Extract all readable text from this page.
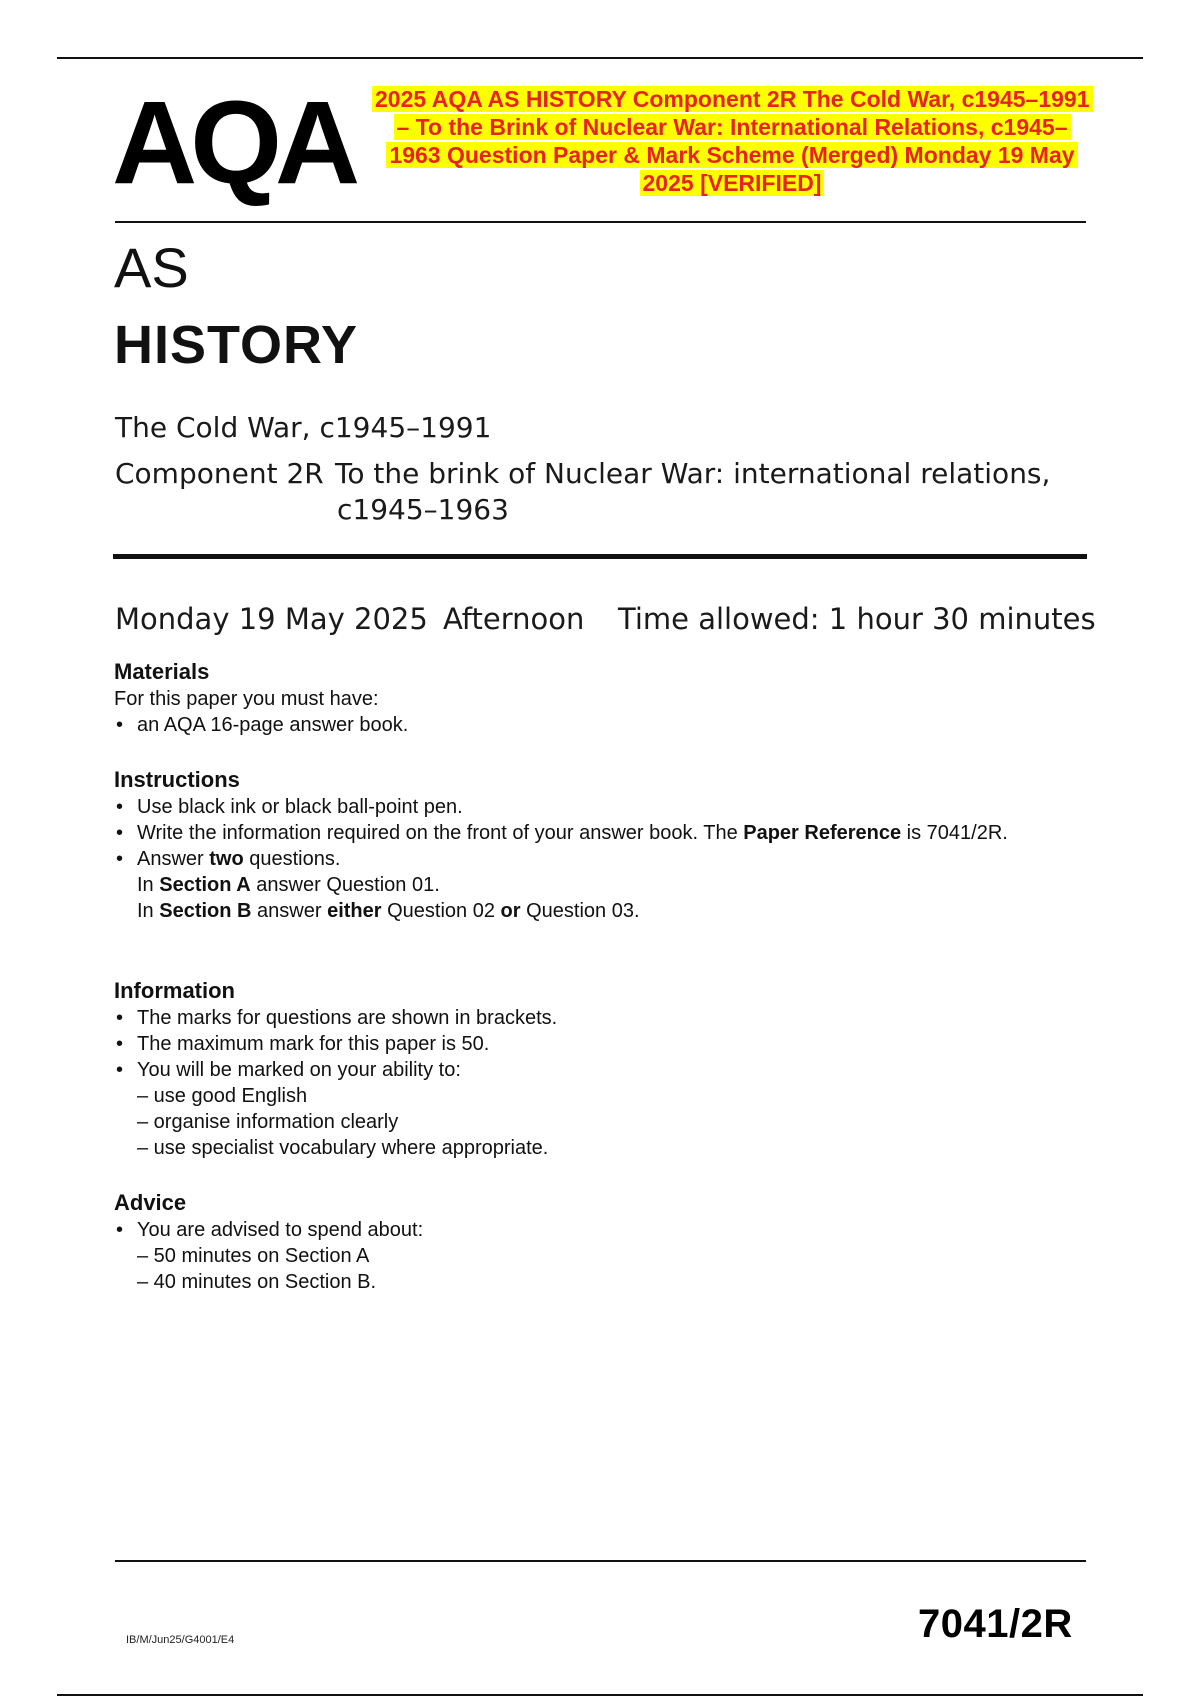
AQA 2025 AQA AS HISTORY Component 2R The Cold War, c1945–1991 – To the Brink of Nuclear War: International Relations, c1945–1963 Question Paper & Mark Scheme (Merged) Monday 19 May 2025 [VERIFIED]
AS
HISTORY
The Cold War, c1945–1991
Component 2R To the brink of Nuclear War: international relations,
c1945–1963
Monday 19 May 2025 Afternoon Time allowed: 1 hour 30 minutes
Materials

For this paper you must have:

• an AQA 16-page answer book.
Instructions
• Use black ink or black ball-point pen.
• Write the information required on the front of your answer book. The Paper Reference is 7041/2R.
• Answer two questions.
In Section A answer Question 01.
In Section B answer either Question 02 or Question 03.
Information
• The marks for questions are shown in brackets.
• The maximum mark for this paper is 50.
• You will be marked on your ability to:
– use good English
– organise information clearly
– use specialist vocabulary where appropriate.
Advice
• You are advised to spend about:
– 50 minutes on Section A
– 40 minutes on Section B.
IB/M/Jun25/G4001/E4	7041/2R
